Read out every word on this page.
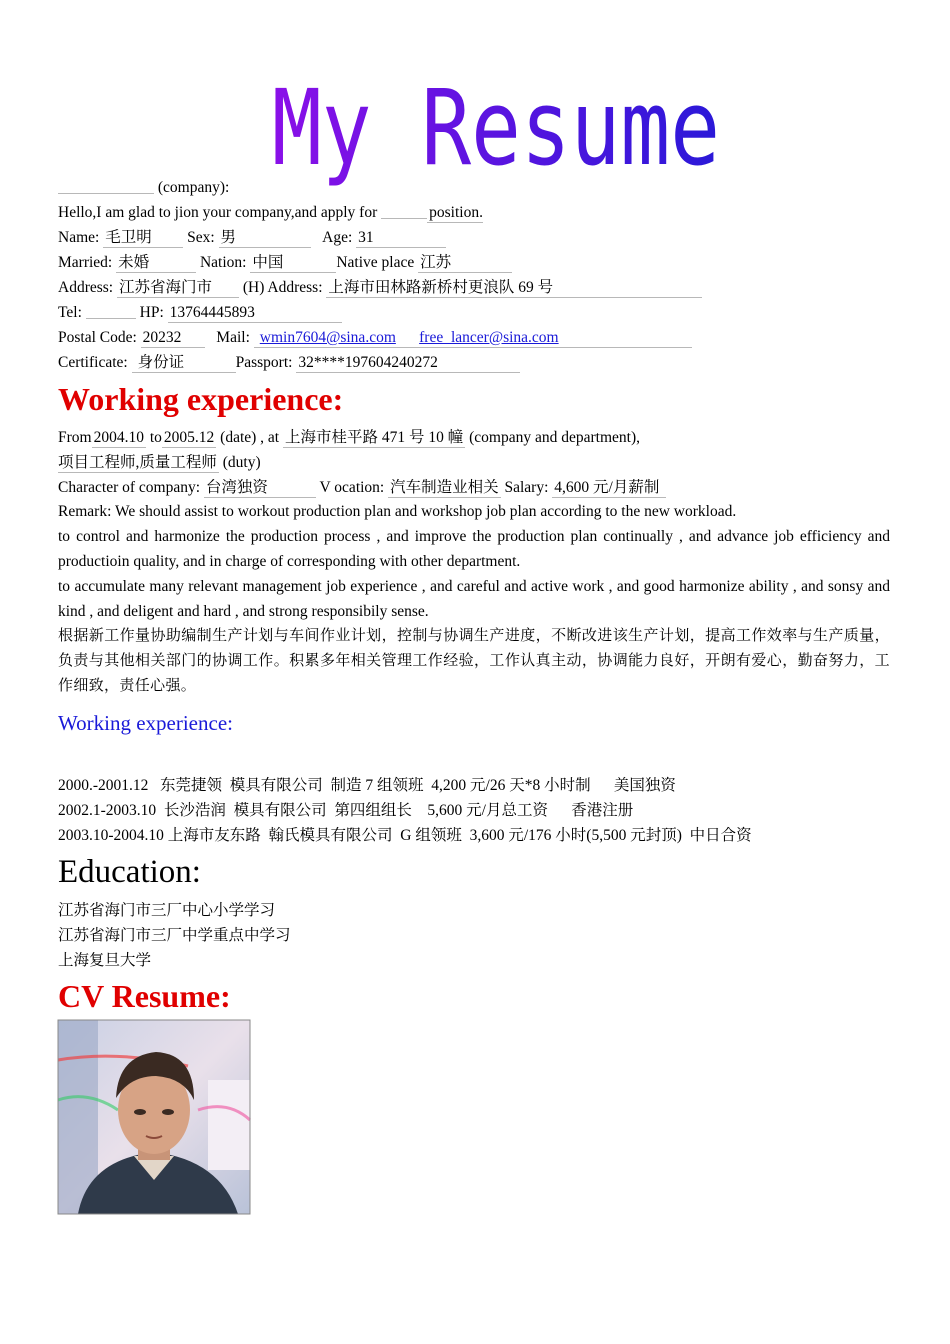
My Resume
(company):
Hello,I am glad to jion your company,and apply for	position.
Name: 毛卫明 Sex: 男	Age: 31
Married: 未婚	Nation: 中国	Native place 江苏
Address: 江苏省海门市 (H) Address: 上海市田林路新桥村更浪队 69 号
Tel:	HP: 13764445893
Postal Code: 20232 Mail: wmin7604@sina.com free_lancer@sina.com
Certificate: 身份证	Passport: 32****197604240272
Working experience:
From 2004.10 to 2005.12 (date) , at 上海市桂平路 471 号 10 幢 (company and department),
项目工程师,质量工程师 (duty)
Character of company: 台湾独资	V ocation: 汽车制造业相关 Salary: 4,600 元/月薪制
Remark: We should assist to workout production plan and workshop job plan according to the new workload.
to control and harmonize the production process , and improve the production plan continually , and advance job efficiency and productioin quality, and in charge of corresponding with other department.
to accumulate many relevant management job experience , and careful and active work , and good harmonize ability , and sonsy and kind , and deligent and hard , and strong responsibily sense.
根据新工作量协助编制生产计划与车间作业计划，控制与协调生产进度，不断改进该生产计划，提高工作效率与生产质量，负责与其他相关部门的协调工作。积累多年相关管理工作经验，工作认真主动，协调能力良好，开朗有爱心，勤奋努力，工作细致，责任心强。
Working experience:
2000.-2001.12   东莞捷领  模具有限公司  制造 7 组领班  4,200 元/26 天*8 小时制      美国独资
2002.1-2003.10  长沙浩润  模具有限公司  第四组组长    5,600 元/月总工资      香港注册
2003.10-2004.10 上海市友东路  翰氏模具有限公司  G 组领班  3,600 元/176 小时(5,500 元封顶)  中日合资
Education:
江苏省海门市三厂中心小学学习
江苏省海门市三厂中学重点中学习
上海复旦大学
CV Resume:
